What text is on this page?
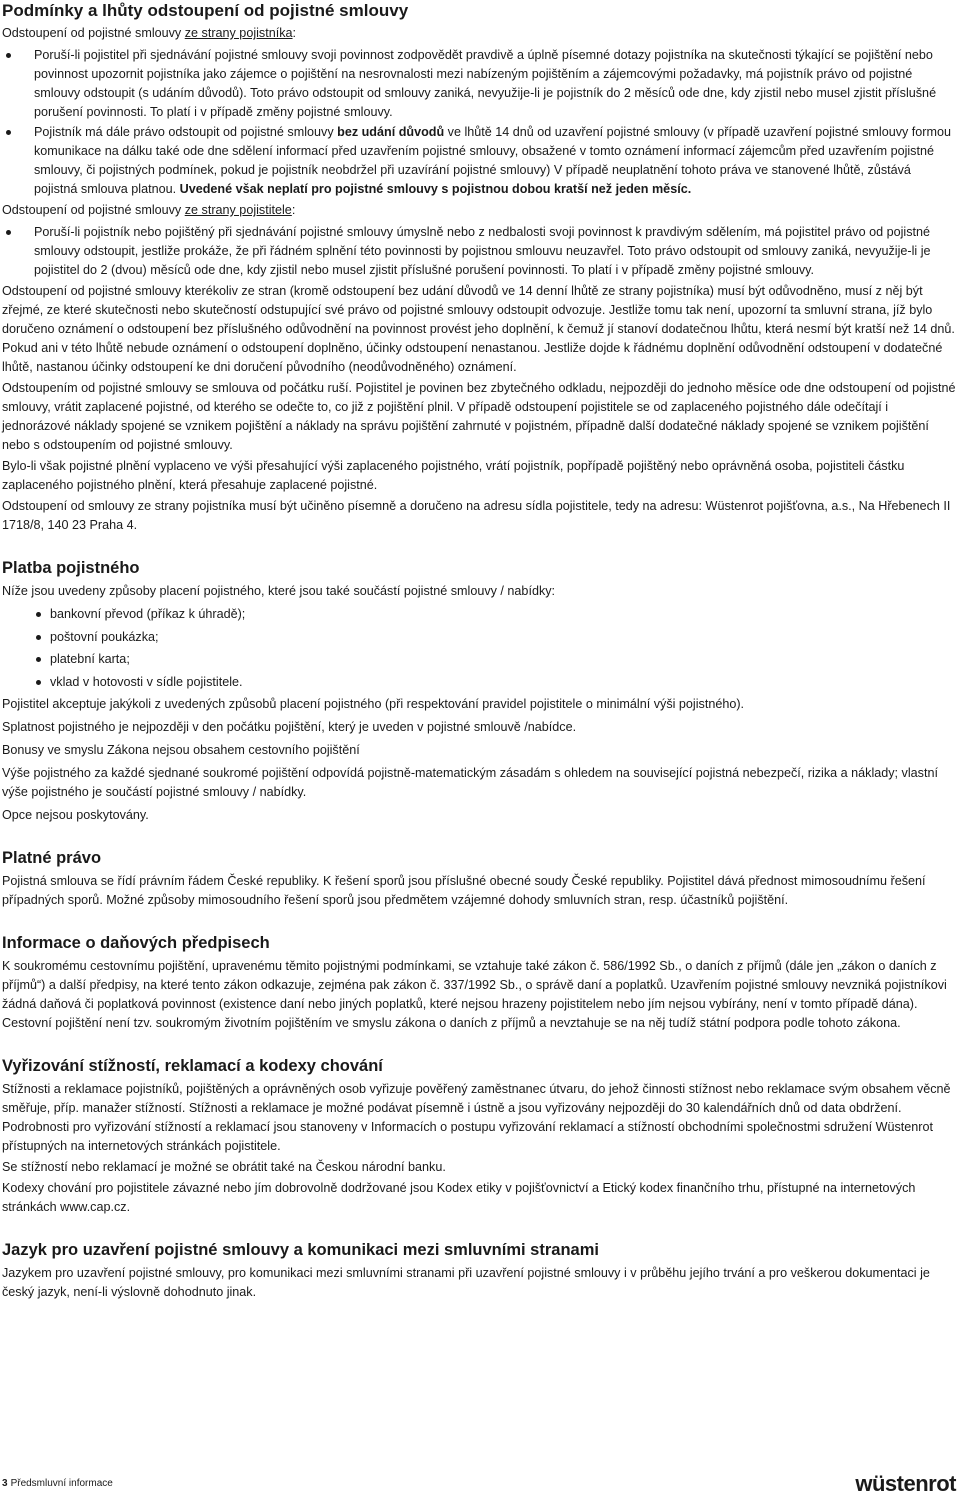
Podmínky a lhůty odstoupení od pojistné smlouvy

Odstoupení od pojistné smlouvy ze strany pojistníka:

Poruší-li pojistitel při sjednávání pojistné smlouvy svoji povinnost zodpovědět pravdivě a úplně písemné dotazy pojistníka na skutečnosti týkající se pojištění nebo povinnost upozornit pojistníka jako zájemce o pojištění na nesrovnalosti mezi nabízeným pojištěním a zájemcovými požadavky, má pojistník právo od pojistné smlouvy odstoupit (s udáním důvodů). Toto právo odstoupit od smlouvy zaniká, nevyužije-li je pojistník do 2 měsíců ode dne, kdy zjistil nebo musel zjistit příslušné porušení povinnosti. To platí i v případě změny pojistné smlouvy.
Pojistník má dále právo odstoupit od pojistné smlouvy bez udání důvodů ve lhůtě 14 dnů od uzavření pojistné smlouvy (v případě uzavření pojistné smlouvy formou komunikace na dálku také ode dne sdělení informací před uzavřením pojistné smlouvy, obsažené v tomto oznámení informací zájemcům před uzavřením pojistné smlouvy, či pojistných podmínek, pokud je pojistník neobdržel při uzavírání pojistné smlouvy) V případě neuplatnění tohoto práva ve stanovené lhůtě, zůstává pojistná smlouva platnou. Uvedené však neplatí pro pojistné smlouvy s pojistnou dobou kratší než jeden měsíc.

Odstoupení od pojistné smlouvy ze strany pojistitele:

Poruší-li pojistník nebo pojištěný při sjednávání pojistné smlouvy úmyslně nebo z nedbalosti svoji povinnost k pravdivým sdělením, má pojistitel právo od pojistné smlouvy odstoupit, jestliže prokáže, že při řádném splnění této povinnosti by pojistnou smlouvu neuzavřel. Toto právo odstoupit od smlouvy zaniká, nevyužije-li je pojistitel do 2 (dvou) měsíců ode dne, kdy zjistil nebo musel zjistit příslušné porušení povinnosti. To platí i v případě změny pojistné smlouvy.

Odstoupení od pojistné smlouvy kterékoliv ze stran (kromě odstoupení bez udání důvodů ve 14 denní lhůtě ze strany pojistníka) musí být odůvodněno, musí z něj být zřejmé, ze které skutečnosti nebo skutečností odstupující své právo od pojistné smlouvy odstoupit odvozuje. Jestliže tomu tak není, upozorní ta smluvní strana, jíž bylo doručeno oznámení o odstoupení bez příslušného odůvodnění na povinnost provést jeho doplnění, k čemuž jí stanoví dodatečnou lhůtu, která nesmí být kratší než 14 dnů. Pokud ani v této lhůtě nebude oznámení o odstoupení doplněno, účinky odstoupení nenastanou. Jestliže dojde k řádnému doplnění odůvodnění odstoupení v dodatečné lhůtě, nastanou účinky odstoupení ke dni doručení původního (neodůvodněného) oznámení.

Odstoupením od pojistné smlouvy se smlouva od počátku ruší. Pojistitel je povinen bez zbytečného odkladu, nejpozději do jednoho měsíce ode dne odstoupení od pojistné smlouvy, vrátit zaplacené pojistné, od kterého se odečte to, co již z pojištění plnil. V případě odstoupení pojistitele se od zaplaceného pojistného dále odečítají i jednorázové náklady spojené se vznikem pojištění a náklady na správu pojištění zahrnuté v pojistném, případně další dodatečné náklady spojené se vznikem pojištění nebo s odstoupením od pojistné smlouvy.

Bylo-li však pojistné plnění vyplaceno ve výši přesahující výši zaplaceného pojistného, vrátí pojistník, popřípadě pojištěný nebo oprávněná osoba, pojistiteli částku zaplaceného pojistného plnění, která přesahuje zaplacené pojistné.

Odstoupení od smlouvy ze strany pojistníka musí být učiněno písemně a doručeno na adresu sídla pojistitele, tedy na adresu: Wüstenrot pojišťovna, a.s., Na Hřebenech II 1718/8, 140 23 Praha 4.

Platba pojistného

Níže jsou uvedeny způsoby placení pojistného, které jsou také součástí pojistné smlouvy / nabídky:

bankovní převod (příkaz k úhradě);
poštovní poukázka;
platební karta;
vklad v hotovosti v sídle pojistitele.

Pojistitel akceptuje jakýkoli z uvedených způsobů placení pojistného (při respektování pravidel pojistitele o minimální výši pojistného).

Splatnost pojistného je nejpozději v den počátku pojištění, který je uveden v pojistné smlouvě /nabídce.

Bonusy ve smyslu Zákona nejsou obsahem cestovního pojištění

Výše pojistného za každé sjednané soukromé pojištění odpovídá pojistně-matematickým zásadám s ohledem na související pojistná nebezpečí, rizika a náklady; vlastní výše pojistného je součástí pojistné smlouvy / nabídky.

Opce nejsou poskytovány.

Platné právo

Pojistná smlouva se řídí právním řádem České republiky. K řešení sporů jsou příslušné obecné soudy České republiky. Pojistitel dává přednost mimosoudnímu řešení případných sporů. Možné způsoby mimosoudního řešení sporů jsou předmětem vzájemné dohody smluvních stran, resp. účastníků pojištění.

Informace o daňových předpisech

K soukromému cestovnímu pojištění, upravenému těmito pojistnými podmínkami, se vztahuje také zákon č. 586/1992 Sb., o daních z příjmů (dále jen „zákon o daních z příjmů“) a další předpisy, na které tento zákon odkazuje, zejména pak zákon č. 337/1992 Sb., o správě daní a poplatků. Uzavřením pojistné smlouvy nevzniká pojistníkovi žádná daňová či poplatková povinnost (existence daní nebo jiných poplatků, které nejsou hrazeny pojistitelem nebo jím nejsou vybírány, není v tomto případě dána). Cestovní pojištění není tzv. soukromým životním pojištěním ve smyslu zákona o daních z příjmů a nevztahuje se na něj tudíž státní podpora podle tohoto zákona.

Vyřizování stížností, reklamací a kodexy chování

Stížnosti a reklamace pojistníků, pojištěných a oprávněných osob vyřizuje pověřený zaměstnanec útvaru, do jehož činnosti stížnost nebo reklamace svým obsahem věcně směřuje, příp. manažer stížností. Stížnosti a reklamace je možné podávat písemně i ústně a jsou vyřizovány nejpozději do 30 kalendářních dnů od data obdržení. Podrobnosti pro vyřizování stížností a reklamací jsou stanoveny v Informacích o postupu vyřizování reklamací a stížností obchodními společnostmi sdružení Wüstenrot přístupných na internetových stránkách pojistitele.

Se stížností nebo reklamací je možné se obrátit také na Českou národní banku.

Kodexy chování pro pojistitele závazné nebo jím dobrovolně dodržované jsou Kodex etiky v pojišťovnictví a Etický kodex finančního trhu, přístupné na internetových stránkách www.cap.cz.

Jazyk pro uzavření pojistné smlouvy a komunikaci mezi smluvními stranami

Jazykem pro uzavření pojistné smlouvy, pro komunikaci mezi smluvními stranami při uzavření pojistné smlouvy i v průběhu jejího trvání a pro veškerou dokumentaci je český jazyk, není-li výslovně dohodnuto jinak.

3 Předsmluvní informace	wüstenrot
